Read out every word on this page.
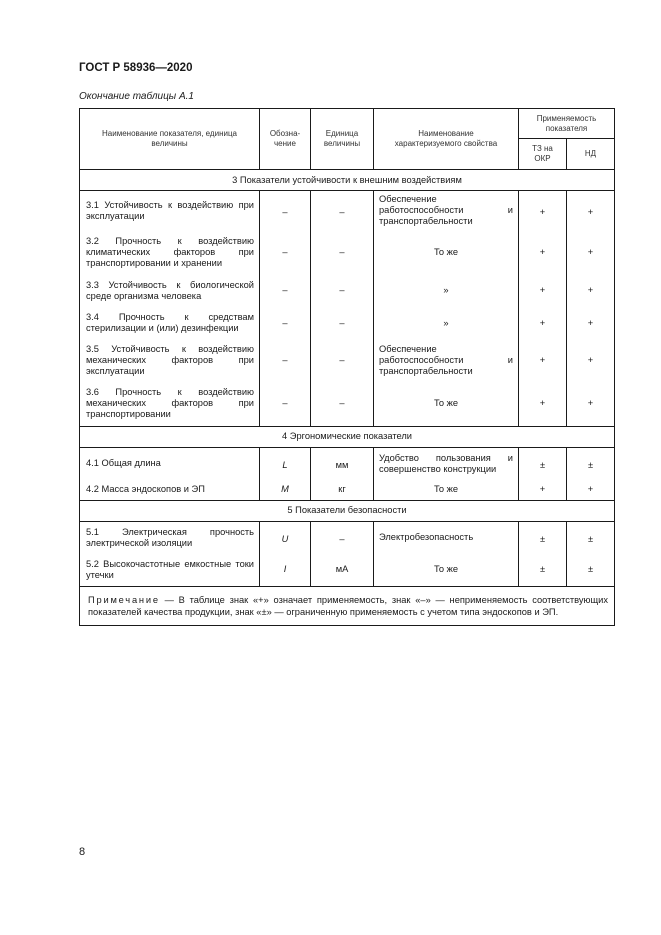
ГОСТ Р 58936—2020
Окончание таблицы А.1
Наименование показателя, единица величины	Обозна-чение	Единица величины	Наименование характеризуемого свойства	Применяемость показателя	
				ТЗ на ОКР	НД
3 Показатели устойчивости к внешним воздействиям					
3.1 Устойчивость к воздействию при эксплуатации	–	–	Обеспечение работоспособности и транспортабельности	+	+
3.2 Прочность к воздействию климатических факторов при транспортировании и хранении	–	–	То же	+	+
3.3 Устойчивость к биологической среде организма человека	–	–	»	+	+
3.4 Прочность к средствам стерилизации и (или) дезинфекции	–	–	»	+	+
3.5 Устойчивость к воздействию механических факторов при эксплуатации	–	–	Обеспечение работоспособности и транспортабельности	+	+
3.6 Прочность к воздействию механических факторов при транспортировании	–	–	То же	+	+
4 Эргономические показатели					
4.1 Общая длина	L	мм	Удобство пользования и совершенство конструкции	±	±
4.2 Масса эндоскопов и ЭП	M	кг	То же	+	+
5 Показатели безопасности					
5.1 Электрическая прочность электрической изоляции	U	–	Электробезопасность	±	±
5.2 Высокочастотные емкостные токи утечки	I	мА	То же	±	±
Примечание — В таблице знак «+» означает применяемость, знак «–» — неприменяемость соответствующих показателей качества продукции, знак «±» — ограниченную применяемость с учетом типа эндоскопов и ЭП.					
8
